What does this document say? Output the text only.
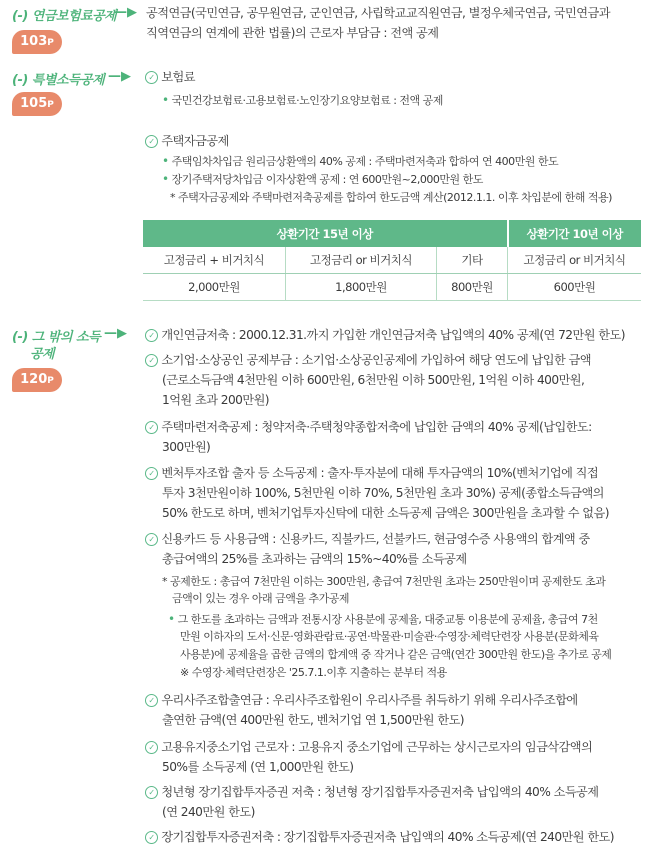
(-) 연금보험료공제
—▶
103P
공적연금(국민연금, 공무원연금, 군인연금, 사립학교교직원연금, 별정우체국연금, 국민연금과
직역연금의 연계에 관한 법률)의 근로자 부담금 : 전액 공제
(-) 특별소득공제 —▶
105P
✓ 보험료
• 국민건강보험료·고용보험료·노인장기요양보험료 : 전액 공제
✓ 주택자금공제
• 주택임차차입금 원리금상환액의 40% 공제 : 주택마련저축과 합하여 연 400만원 한도
• 장기주택저당차입금 이자상환액 공제 : 연 600만원~2,000만원 한도
* 주택자금공제와 주택마련저축공제를 합하여 한도금액 계산(2012.1.1. 이후 차입분에 한해 적용)
상환기간 15년 이상			상환기간 10년 이상
고정금리 + 비거치식	고정금리 or 비거치식	기타	고정금리 or 비거치식
2,000만원	1,800만원	800만원	600만원
(-) 그 밖의 소득
공제
—▶
120P
✓ 개인연금저축 : 2000.12.31.까지 가입한 개인연금저축 납입액의 40% 공제(연 72만원 한도)
✓ 소기업·소상공인 공제부금 : 소기업·소상공인공제에 가입하여 해당 연도에 납입한 금액
(근로소득금액 4천만원 이하 600만원, 6천만원 이하 500만원, 1억원 이하 400만원,
1억원 초과 200만원)
✓ 주택마련저축공제 : 청약저축·주택청약종합저축에 납입한 금액의 40% 공제(납입한도:
300만원)
✓ 벤처투자조합 출자 등 소득공제 : 출자·투자분에 대해 투자금액의 10%(벤처기업에 직접
투자 3천만원이하 100%, 5천만원 이하 70%, 5천만원 초과 30%) 공제(종합소득금액의
50% 한도로 하며, 벤처기업투자신탁에 대한 소득공제 금액은 300만원을 초과할 수 없음)
✓ 신용카드 등 사용금액 : 신용카드, 직불카드, 선불카드, 현금영수증 사용액의 합계액 중
총급여액의 25%를 초과하는 금액의 15%~40%를 소득공제
* 공제한도 : 총급여 7천만원 이하는 300만원, 총급여 7천만원 초과는 250만원이며 공제한도 초과
금액이 있는 경우 아래 금액을 추가공제
• 그 한도를 초과하는 금액과 전통시장 사용분에 공제율, 대중교통 이용분에 공제율, 총급여 7천
만원 이하자의 도서·신문·영화관람료·공연·박물관·미술관·수영장·체력단련장 사용분(문화체육
사용분)에 공제율을 곱한 금액의 합계액 중 작거나 같은 금액(연간 300만원 한도)을 추가로 공제
※ 수영장·체력단련장은 '25.7.1.이후 지출하는 분부터 적용
✓ 우리사주조합출연금 : 우리사주조합원이 우리사주를 취득하기 위해 우리사주조합에
출연한 금액(연 400만원 한도, 벤처기업 연 1,500만원 한도)
✓ 고용유지중소기업 근로자 : 고용유지 중소기업에 근무하는 상시근로자의 임금삭감액의
50%를 소득공제 (연 1,000만원 한도)
✓ 청년형 장기집합투자증권 저축 : 청년형 장기집합투자증권저축 납입액의 40% 소득공제
(연 240만원 한도)
✓ 장기집합투자증권저축 : 장기집합투자증권저축 납입액의 40% 소득공제(연 240만원 한도)
